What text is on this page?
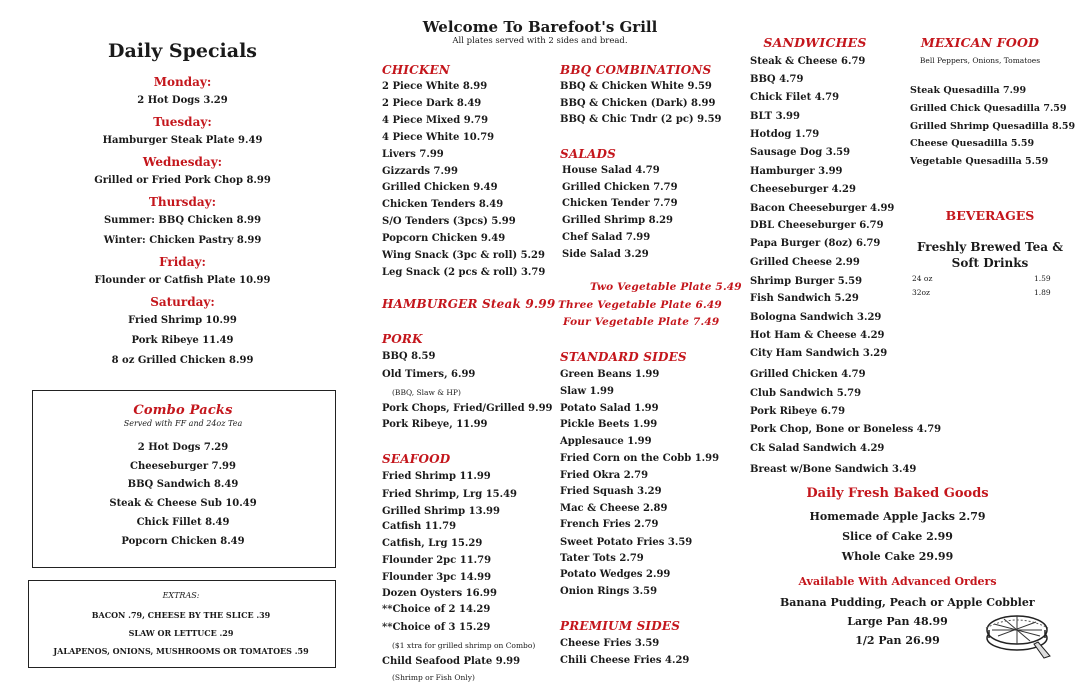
Welcome To Barefoot's Grill
All plates served with 2 sides and bread.
Daily Specials
Monday:
2 Hot Dogs 3.29
Tuesday:
Hamburger Steak Plate 9.49
Wednesday:
Grilled or Fried Pork Chop 8.99
Thursday:
Summer: BBQ Chicken 8.99
Winter: Chicken Pastry 8.99
Friday:
Flounder or Catfish Plate 10.99
Saturday:
Fried Shrimp 10.99
Pork Ribeye 11.49
8 oz Grilled Chicken 8.99
Combo Packs
Served with FF and 24oz Tea
2 Hot Dogs 7.29
Cheeseburger 7.99
BBQ Sandwich 8.49
Steak & Cheese Sub 10.49
Chick Fillet 8.49
Popcorn Chicken 8.49
EXTRAS:
BACON .79, CHEESE BY THE SLICE .39
SLAW OR LETTUCE .29
JALAPENOS, ONIONS, MUSHROOMS OR TOMATOES .59
CHICKEN
2 Piece White 8.99
2 Piece Dark 8.49
4 Piece Mixed 9.79
4 Piece White 10.79
Livers 7.99
Gizzards 7.99
Grilled Chicken 9.49
Chicken Tenders 8.49
S/O Tenders (3pcs) 5.99
Popcorn Chicken 9.49
Wing Snack (3pc & roll) 5.29
Leg Snack (2 pcs & roll) 3.79
HAMBURGER Steak 9.99
PORK
BBQ 8.59
Old Timers, 6.99
(BBQ, Slaw & HP)
Pork Chops, Fried/Grilled 9.99
Pork Ribeye, 11.99
SEAFOOD
Fried Shrimp 11.99
Fried Shrimp, Lrg 15.49
Grilled Shrimp 13.99
Catfish 11.79
Catfish, Lrg 15.29
Flounder 2pc 11.79
Flounder 3pc 14.99
Dozen Oysters 16.99
**Choice of 2 14.29
**Choice of 3 15.29
($1 xtra for grilled shrimp on Combo)
Child Seafood Plate 9.99
(Shrimp or Fish Only)
BBQ COMBINATIONS
BBQ & Chicken White 9.59
BBQ & Chicken (Dark) 8.99
BBQ & Chic Tndr (2 pc) 9.59
SALADS
House Salad 4.79
Grilled Chicken 7.79
Chicken Tender 7.79
Grilled Shrimp 8.29
Chef Salad 7.99
Side Salad 3.29
Two Vegetable Plate 5.49
Three Vegetable Plate 6.49
Four Vegetable Plate 7.49
STANDARD SIDES
Green Beans 1.99
Slaw 1.99
Potato Salad 1.99
Pickle Beets 1.99
Applesauce 1.99
Fried Corn on the Cobb 1.99
Fried Okra 2.79
Fried Squash 3.29
Mac & Cheese 2.89
French Fries 2.79
Sweet Potato Fries 3.59
Tater Tots 2.79
Potato Wedges 2.99
Onion Rings 3.59
PREMIUM SIDES
Cheese Fries 3.59
Chili Cheese Fries 4.29
SANDWICHES
Steak & Cheese 6.79
BBQ 4.79
Chick Filet 4.79
BLT 3.99
Hotdog 1.79
Sausage Dog 3.59
Hamburger 3.99
Cheeseburger 4.29
Bacon Cheeseburger 4.99
DBL Cheeseburger 6.79
Papa Burger (8oz) 6.79
Grilled Cheese 2.99
Shrimp Burger 5.59
Fish Sandwich 5.29
Bologna Sandwich 3.29
Hot Ham & Cheese 4.29
City Ham Sandwich 3.29
Grilled Chicken 4.79
Club Sandwich 5.79
Pork Ribeye 6.79
Pork Chop, Bone or Boneless 4.79
Ck Salad Sandwich 4.29
Breast w/Bone Sandwich 3.49
MEXICAN FOOD
Bell Peppers, Onions, Tomatoes
Steak Quesadilla 7.99
Grilled Chick Quesadilla 7.59
Grilled Shrimp Quesadilla 8.59
Cheese Quesadilla 5.59
Vegetable Quesadilla 5.59
BEVERAGES
Freshly Brewed Tea &
Soft Drinks
24 oz	1.59
32oz	1.89
Daily Fresh Baked Goods
Homemade Apple Jacks 2.79
Slice of Cake 2.99
Whole Cake 29.99
Available With Advanced Orders
Banana Pudding, Peach or Apple Cobbler
Large Pan 48.99
1/2 Pan 26.99
